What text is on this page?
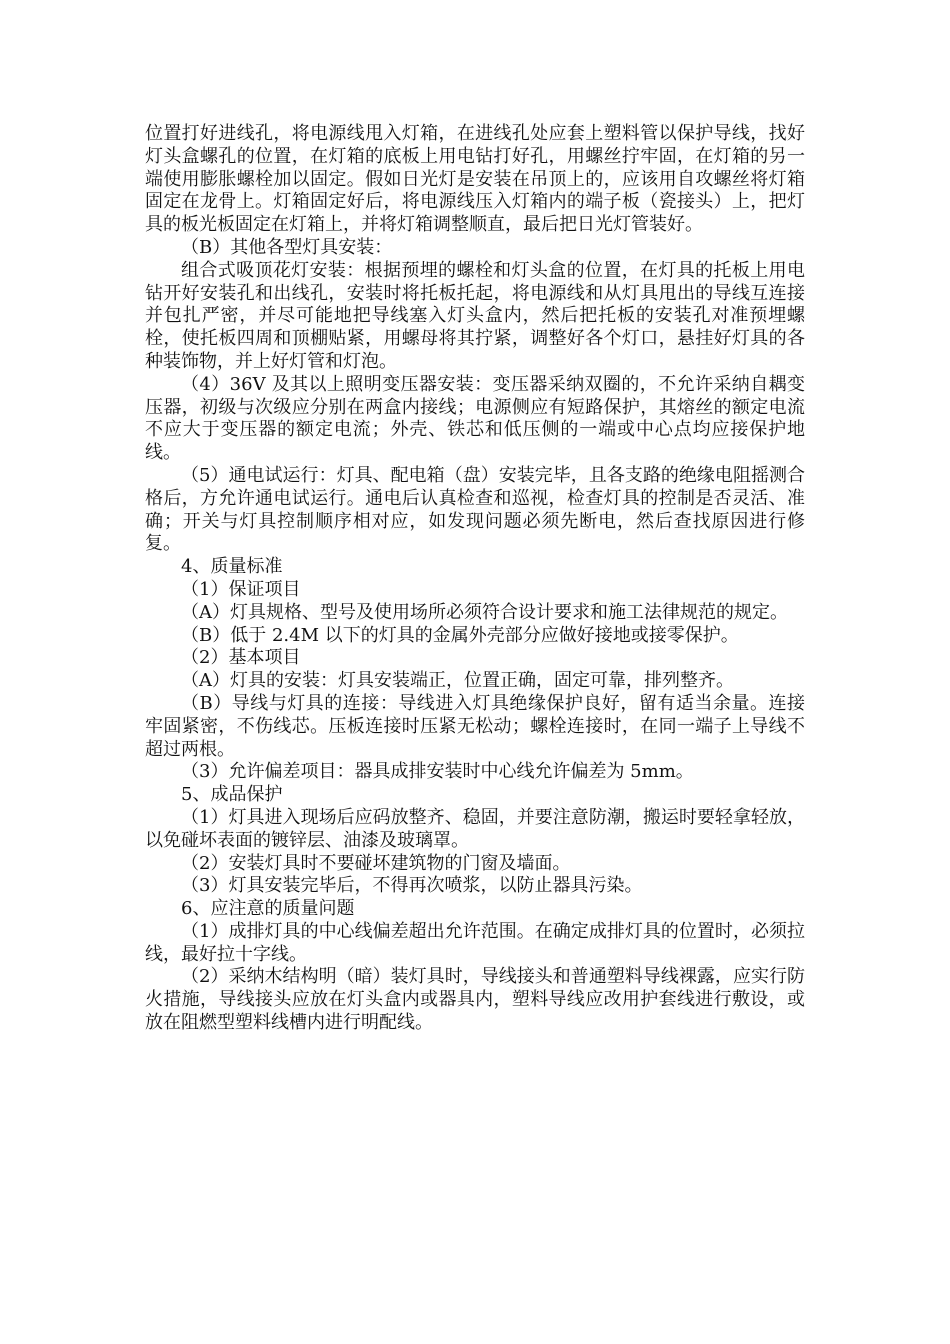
位置打好进线孔，将电源线甩入灯箱，在进线孔处应套上塑料管以保护导线，找好灯头盒螺孔的位置，在灯箱的底板上用电钻打好孔，用螺丝拧牢固，在灯箱的另一端使用膨胀螺栓加以固定。假如日光灯是安装在吊顶上的，应该用自攻螺丝将灯箱固定在龙骨上。灯箱固定好后，将电源线压入灯箱内的端子板（瓷接头）上，把灯具的板光板固定在灯箱上，并将灯箱调整顺直，最后把日光灯管装好。

（B）其他各型灯具安装：

组合式吸顶花灯安装：根据预埋的螺栓和灯头盒的位置，在灯具的托板上用电钻开好安装孔和出线孔，安装时将托板托起，将电源线和从灯具甩出的导线互连接并包扎严密，并尽可能地把导线塞入灯头盒内，然后把托板的安装孔对准预埋螺栓，使托板四周和顶棚贴紧，用螺母将其拧紧，调整好各个灯口，悬挂好灯具的各种装饰物，并上好灯管和灯泡。

（4）36V 及其以上照明变压器安装：变压器采纳双圈的，不允许采纳自耦变压器，初级与次级应分别在两盒内接线；电源侧应有短路保护，其熔丝的额定电流不应大于变压器的额定电流；外壳、铁芯和低压侧的一端或中心点均应接保护地线。

（5）通电试运行：灯具、配电箱（盘）安装完毕，且各支路的绝缘电阻摇测合格后，方允许通电试运行。通电后认真检查和巡视，检查灯具的控制是否灵活、准确；开关与灯具控制顺序相对应，如发现问题必须先断电，然后查找原因进行修复。

4、质量标准

（1）保证项目

（A）灯具规格、型号及使用场所必须符合设计要求和施工法律规范的规定。

（B）低于 2.4M 以下的灯具的金属外壳部分应做好接地或接零保护。

（2）基本项目

（A）灯具的安装：灯具安装端正，位置正确，固定可靠，排列整齐。

（B）导线与灯具的连接：导线进入灯具绝缘保护良好，留有适当余量。连接牢固紧密，不伤线芯。压板连接时压紧无松动；螺栓连接时，在同一端子上导线不超过两根。

（3）允许偏差项目：器具成排安装时中心线允许偏差为 5mm。

5、成品保护

（1）灯具进入现场后应码放整齐、稳固，并要注意防潮，搬运时要轻拿轻放，以免碰坏表面的镀锌层、油漆及玻璃罩。

（2）安装灯具时不要碰坏建筑物的门窗及墙面。

（3）灯具安装完毕后，不得再次喷浆，以防止器具污染。

6、应注意的质量问题

（1）成排灯具的中心线偏差超出允许范围。在确定成排灯具的位置时，必须拉线，最好拉十字线。

（2）采纳木结构明（暗）装灯具时，导线接头和普通塑料导线裸露，应实行防火措施，导线接头应放在灯头盒内或器具内，塑料导线应改用护套线进行敷设，或放在阻燃型塑料线槽内进行明配线。
